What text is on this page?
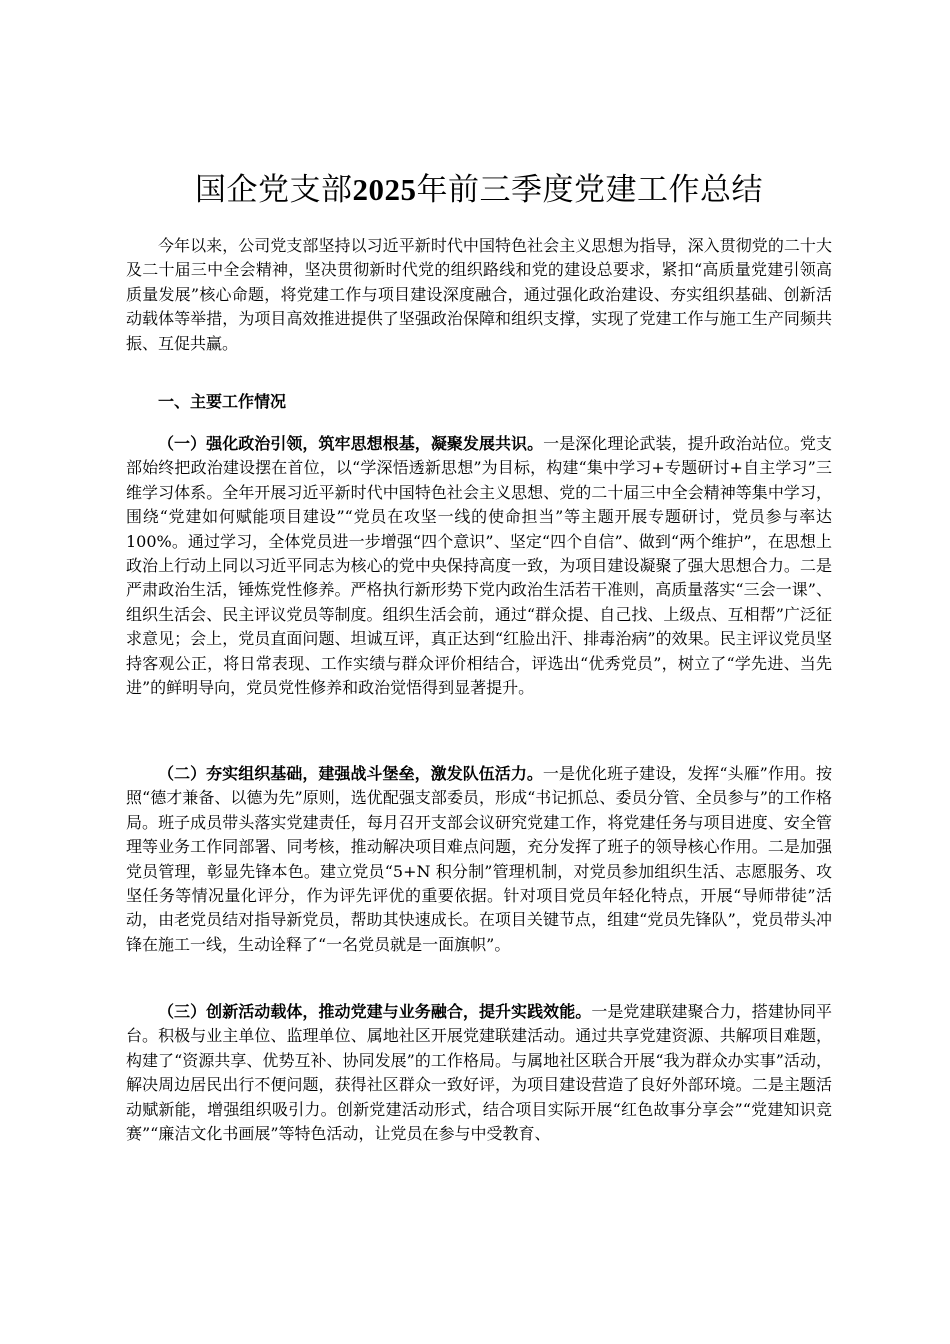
国企党支部2025年前三季度党建工作总结

今年以来，公司党支部坚持以习近平新时代中国特色社会主义思想为指导，深入贯彻党的二十大及二十届三中全会精神，坚决贯彻新时代党的组织路线和党的建设总要求，紧扣“高质量党建引领高质量发展”核心命题，将党建工作与项目建设深度融合，通过强化政治建设、夯实组织基础、创新活动载体等举措，为项目高效推进提供了坚强政治保障和组织支撑，实现了党建工作与施工生产同频共振、互促共赢。

一、主要工作情况

（一）强化政治引领，筑牢思想根基，凝聚发展共识。一是深化理论武装，提升政治站位。党支部始终把政治建设摆在首位，以“学深悟透新思想”为目标，构建“集中学习+专题研讨+自主学习”三维学习体系。全年开展习近平新时代中国特色社会主义思想、党的二十届三中全会精神等集中学习，围绕“党建如何赋能项目建设”“党员在攻坚一线的使命担当”等主题开展专题研讨，党员参与率达 100%。通过学习，全体党员进一步增强“四个意识”、坚定“四个自信”、做到“两个维护”，在思想上政治上行动上同以习近平同志为核心的党中央保持高度一致，为项目建设凝聚了强大思想合力。二是严肃政治生活，锤炼党性修养。严格执行新形势下党内政治生活若干准则，高质量落实“三会一课”、组织生活会、民主评议党员等制度。组织生活会前，通过“群众提、自己找、上级点、互相帮”广泛征求意见；会上，党员直面问题、坦诚互评，真正达到“红脸出汗、排毒治病”的效果。民主评议党员坚持客观公正，将日常表现、工作实绩与群众评价相结合，评选出“优秀党员”，树立了“学先进、当先进”的鲜明导向，党员党性修养和政治觉悟得到显著提升。

（二）夯实组织基础，建强战斗堡垒，激发队伍活力。一是优化班子建设，发挥“头雁”作用。按照“德才兼备、以德为先”原则，选优配强支部委员，形成“书记抓总、委员分管、全员参与”的工作格局。班子成员带头落实党建责任，每月召开支部会议研究党建工作，将党建任务与项目进度、安全管理等业务工作同部署、同考核，推动解决项目难点问题，充分发挥了班子的领导核心作用。二是加强党员管理，彰显先锋本色。建立党员“5+N 积分制”管理机制，对党员参加组织生活、志愿服务、攻坚任务等情况量化评分，作为评先评优的重要依据。针对项目党员年轻化特点，开展“导师带徒”活动，由老党员结对指导新党员，帮助其快速成长。在项目关键节点，组建“党员先锋队”，党员带头冲锋在施工一线，生动诠释了“一名党员就是一面旗帜”。

（三）创新活动载体，推动党建与业务融合，提升实践效能。一是党建联建聚合力，搭建协同平台。积极与业主单位、监理单位、属地社区开展党建联建活动。通过共享党建资源、共解项目难题，构建了“资源共享、优势互补、协同发展”的工作格局。与属地社区联合开展“我为群众办实事”活动，解决周边居民出行不便问题，获得社区群众一致好评，为项目建设营造了良好外部环境。二是主题活动赋新能，增强组织吸引力。创新党建活动形式，结合项目实际开展“红色故事分享会”“党建知识竞赛”“廉洁文化书画展”等特色活动，让党员在参与中受教育、
